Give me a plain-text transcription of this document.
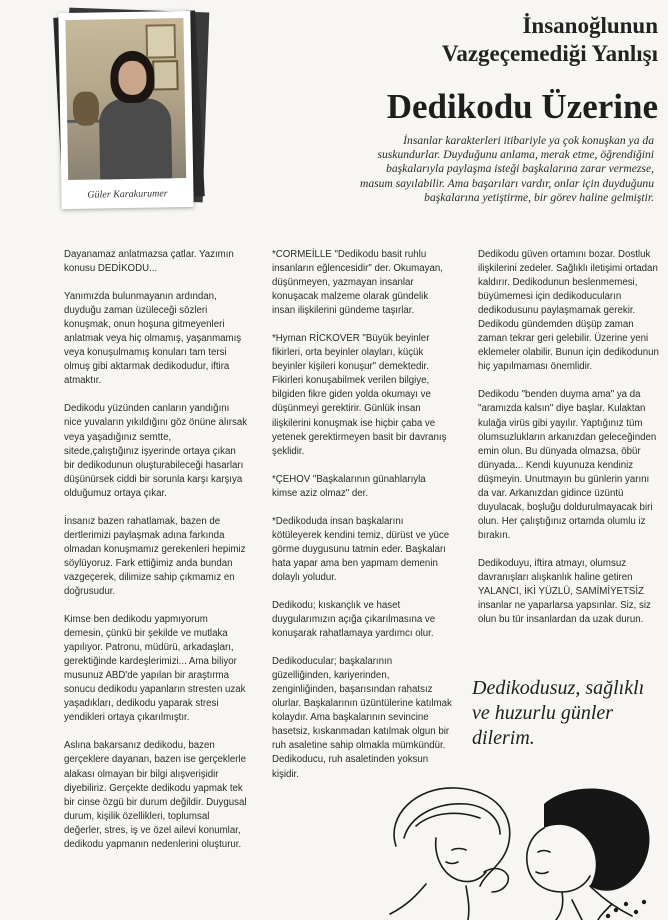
Güler Karakurumer
İnsanoğlunun
Vazgeçemediği Yanlışı
Dedikodu Üzerine
İnsanlar karakterleri itibariyle ya çok konuşkan ya da suskundurlar. Duyduğunu anlama, merak etme, öğrendiğini başkalarıyla paylaşma isteği başkalarına zarar vermezse, masum sayılabilir. Ama başarıları vardır, onlar için duyduğunu başkalarına yetiştirme, bir görev haline gelmiştir.

Dayanamaz anlatmazsa çatlar. Yazımın konusu DEDİKODU...

Yanımızda bulunmayanın ardından, duyduğu zaman üzüleceği sözleri konuşmak, onun hoşuna gitmeyenleri anlatmak veya hiç olmamış, yaşanmamış veya konuşulmamış konuları tam tersi olmuş gibi aktarmak dedikodudur, iftira atmaktır.

Dedikodu yüzünden canların yandığını nice yuvaların yıkıldığını göz önüne alırsak veya yaşadığınız semtte, sitede,çalıştığınız işyerinde ortaya çıkan bir dedikodunun oluşturabileceği hasarları düşünürsek ciddi bir sorunla karşı karşıya olduğumuz ortaya çıkar.

İnsanız bazen rahatlamak, bazen de dertlerimizi paylaşmak adına farkında olmadan konuşmamız gerekenleri hepimiz söylüyoruz. Fark ettiğimiz anda bundan vazgeçerek, dilimize sahip çıkmamız en doğrusudur.

Kimse ben dedikodu yapmıyorum demesin, çünkü bir şekilde ve mutlaka yapılıyor. Patronu, müdürü, arkadaşları, gerektiğinde kardeşlerimizi... Ama biliyor musunuz ABD'de yapılan bir araştırma sonucu dedikodu yapanların stresten uzak yaşadıkları, dedikodu yaparak stresi yendikleri ortaya çıkarılmıştır.

Aslına bakarsanız dedikodu, bazen gerçeklere dayanan, bazen ise gerçeklerle alakası olmayan bir bilgi alışverişidir diyebiliriz. Gerçekte dedikodu yapmak tek bir cinse özgü bir durum değildir. Duygusal durum, kişilik özellikleri, toplumsal değerler, stres, iş ve özel ailevi konumlar, dedikodu yapmanın nedenlerini oluşturur.

*CORMEİLLE "Dedikodu basit ruhlu insanların eğlencesidir" der. Okumayan, düşünmeyen, yazmayan insanlar konuşacak malzeme olarak gündelik insan ilişkilerini gündeme taşırlar.

*Hyman RİCKOVER "Büyük beyinler fikirleri, orta beyinler olayları, küçük beyinler kişileri konuşur" demektedir. Fikirleri konuşabilmek verilen bilgiye, bilgiden fikre giden yolda okumayı ve düşünmeyi gerektirir. Günlük insan ilişkilerini konuşmak ise hiçbir çaba ve yetenek gerektirmeyen basit bir davranış şeklidir.

*ÇEHOV "Başkalarının günahlarıyla kimse aziz olmaz" der.

*Dedikoduda insan başkalarını kötüleyerek kendini temiz, dürüst ve yüce görme duygusunu tatmin eder. Başkaları hata yapar ama ben yapmam demenin dolaylı yoludur.

Dedikodu; kıskançlık ve haset duygularımızın açığa çıkarılmasına ve konuşarak rahatlamaya yardımcı olur.

Dedikoducular; başkalarının güzelliğinden, kariyerinden, zenginliğinden, başarısından rahatsız olurlar. Başkalarının üzüntülerine katılmak kolaydır. Ama başkalarının sevincine hasetsiz, kıskanmadan katılmak olgun bir ruh asaletine sahip olmakla mümkündür. Dedikoducu, ruh asaletinden yoksun kişidir.

Dedikodu güven ortamını bozar. Dostluk ilişkilerini zedeler. Sağlıklı iletişimi ortadan kaldırır. Dedikodunun beslenmemesi, büyümemesi için dedikoducuların dedikodusunu paylaşmamak gerekir. Dedikodu gündemden düşüp zaman zaman tekrar geri gelebilir. Üzerine yeni eklemeler olabilir. Bunun için dedikodunun hiç yapılmaması önemlidir.

Dedikodu "benden duyma ama" ya da "aramızda kalsın" diye başlar. Kulaktan kulağa virüs gibi yayılır. Yaptığınız tüm olumsuzlukların arkanızdan geleceğinden emin olun. Bu dünyada olmazsa, öbür dünyada... Kendi kuyunuza kendiniz düşmeyin. Unutmayın bu günlerin yarını da var. Arkanızdan gidince üzüntü duyulacak, boşluğu doldurulmayacak biri olun. Her çalıştığınız ortamda olumlu iz bırakın.

Dedikoduyu, iftira atmayı, olumsuz davranışları alışkanlık haline getiren YALANCI, İKİ YÜZLÜ, SAMİMİYETSİZ insanlar ne yaparlarsa yapsınlar. Siz, siz olun bu tür insanlardan da uzak durun.

Dedikodusuz, sağlıklı ve huzurlu günler dilerim.
